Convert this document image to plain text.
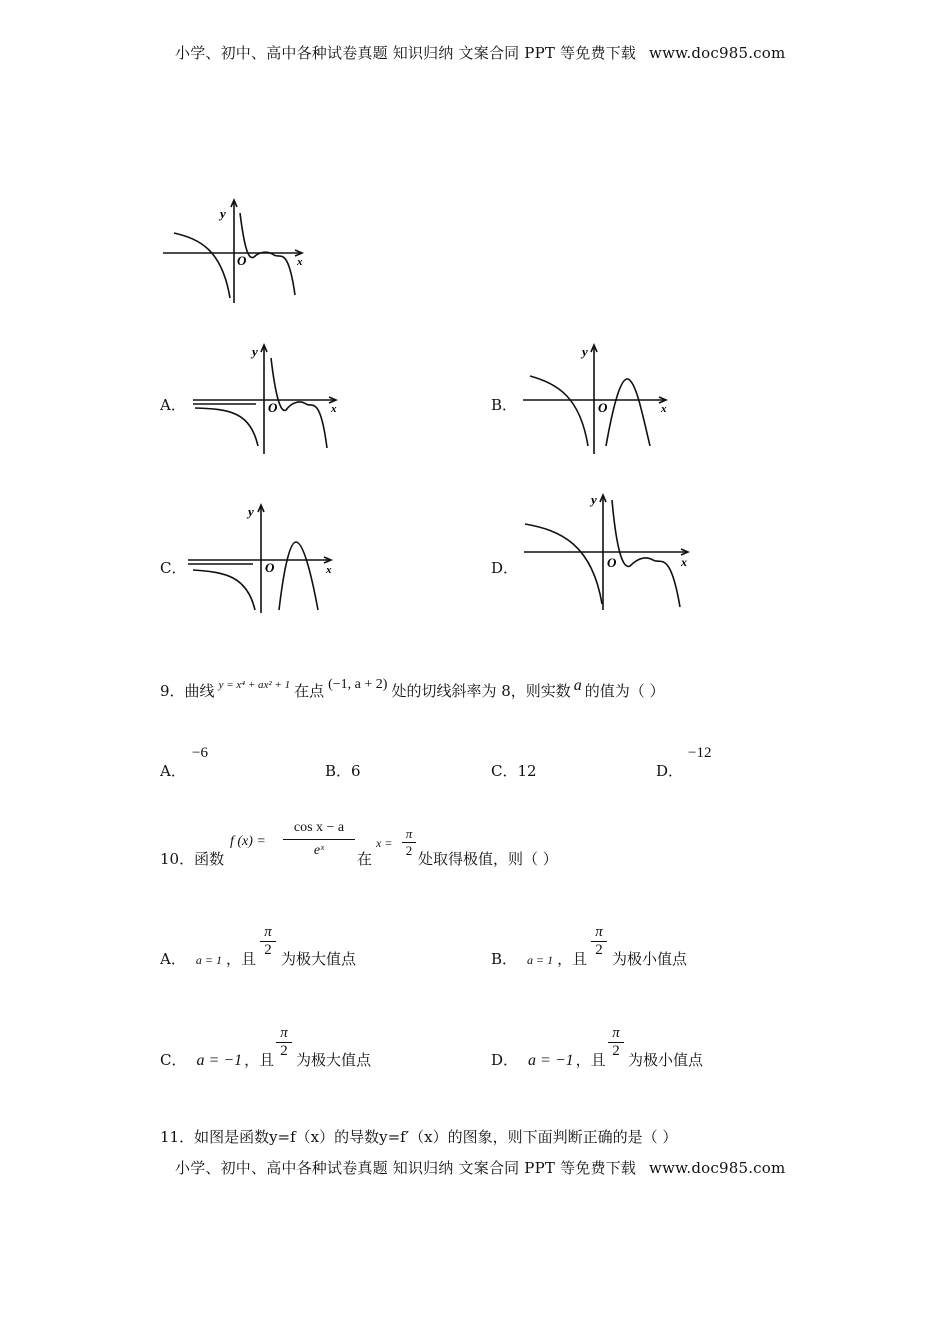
小学、初中、高中各种试卷真题 知识归纳 文案合同 PPT 等免费下载 www.doc985.com
y
x
O
A．
y
x
O	B．
y
x
O
C．
y
x
O	D．
y
x
O
9．曲线 $^{y = x^4 + ax^2 + 1}$ 在点 (−1, a + 2) 处的切线斜率为 8，则实数 a 的值为（ ）
A．
−6
B．6	C．12	D．
−12
10．函数
f $(x) = \frac{\text{cos x − a}}{\text{eˣ}}$ 在
x =
π
2 处取得极值，则（ ）
A． a = 1 ，且
π
2 为极大值点	B． a = 1 ，且
π
2 为极小值点
C． a = −1 ，且
π
2 为极大值点	D． a = −1 ，且
π
2 为极小值点
11．如图是函数y=f（x）的导数y=f′（x）的图象，则下面判断正确的是（ ）
小学、初中、高中各种试卷真题 知识归纳 文案合同 PPT 等免费下载 www.doc985.com
